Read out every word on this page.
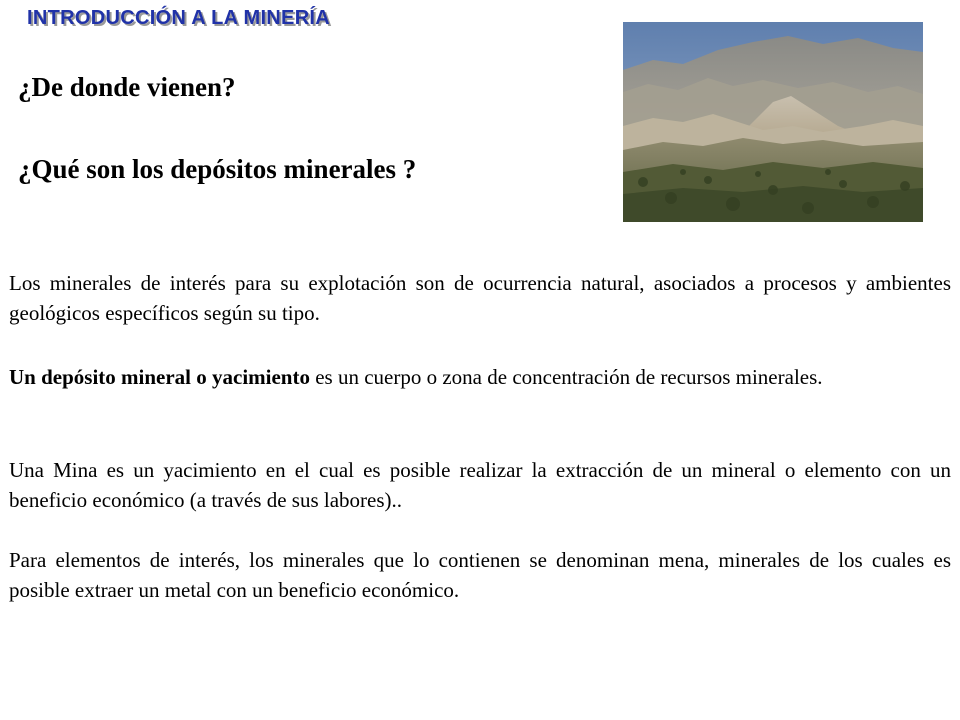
INTRODUCCIÓN A LA MINERÍA

¿De donde vienen?

¿Qué son los depósitos minerales ?

Los minerales de interés para su explotación son de ocurrencia natural, asociados a procesos y ambientes geológicos específicos según su tipo.

Un depósito mineral o yacimiento es un cuerpo o zona de concentración de recursos minerales.

Una Mina es un yacimiento en el cual es posible realizar la extracción de un mineral o elemento con un beneficio económico (a través de sus labores)..

Para elementos de interés, los minerales que lo contienen se denominan mena, minerales de los cuales es posible extraer un metal con un beneficio económico.
